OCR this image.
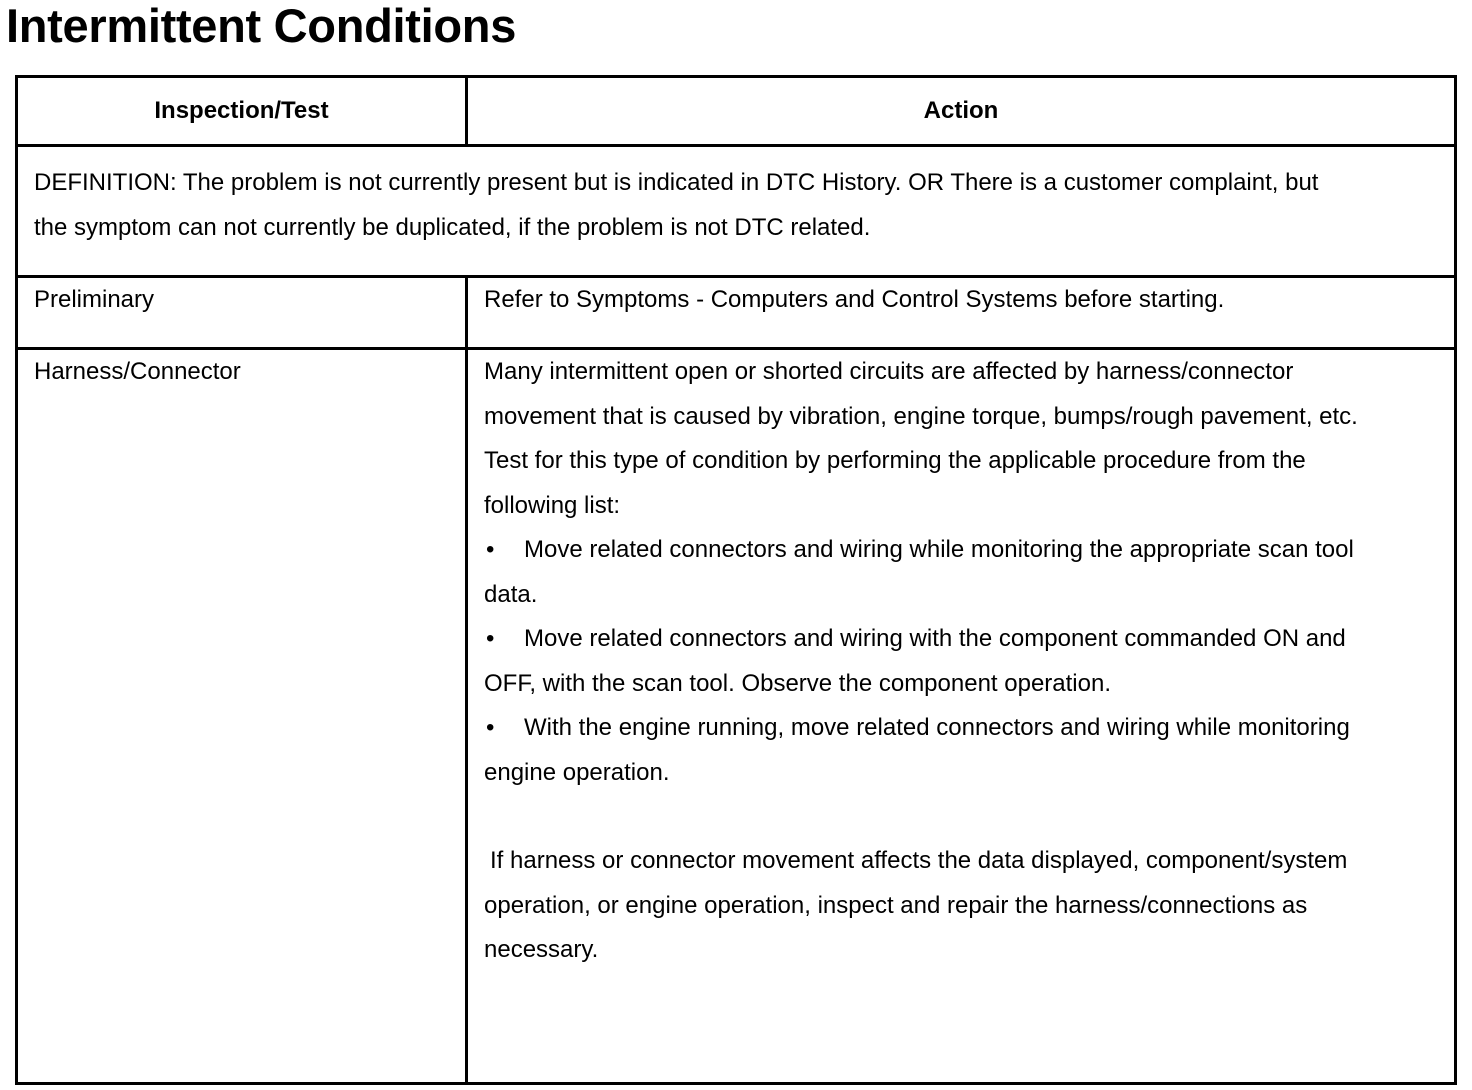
Intermittent Conditions
Inspection/Test	Action
DEFINITION: The problem is not currently present but is indicated in DTC History. OR There is a customer complaint, but the symptom can not currently be duplicated, if the problem is not DTC related.	
Preliminary	Refer to Symptoms - Computers and Control Systems before starting.
Harness/Connector	Many intermittent open or shorted circuits are affected by harness/connector movement that is caused by vibration, engine torque, bumps/rough pavement, etc. Test for this type of condition by performing the applicable procedure from the following list:
• Move related connectors and wiring while monitoring the appropriate scan tool data.
• Move related connectors and wiring with the component commanded ON and OFF, with the scan tool. Observe the component operation.
• With the engine running, move related connectors and wiring while monitoring engine operation.
If harness or connector movement affects the data displayed, component/system operation, or engine operation, inspect and repair the harness/connections as necessary.
